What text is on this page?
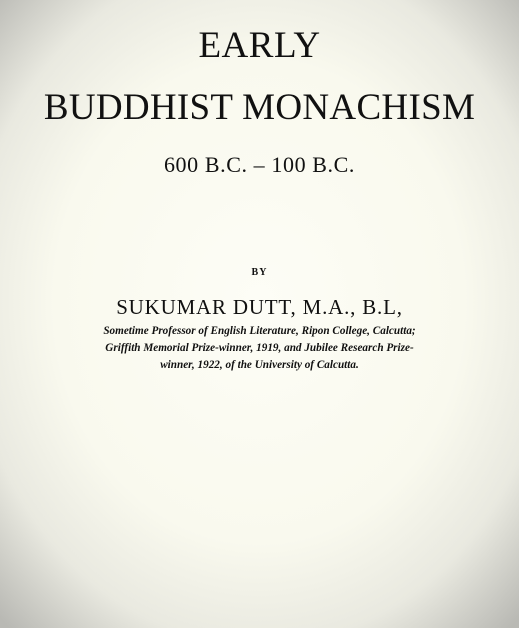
EARLY
BUDDHIST MONACHISM
600 B.C. – 100 B.C.
BY
SUKUMAR DUTT, M.A., B.L,
Sometime Professor of English Literature, Ripon College, Calcutta;
Griffith Memorial Prize-winner, 1919, and Jubilee Research Prize-
winner, 1922, of the University of Calcutta.
